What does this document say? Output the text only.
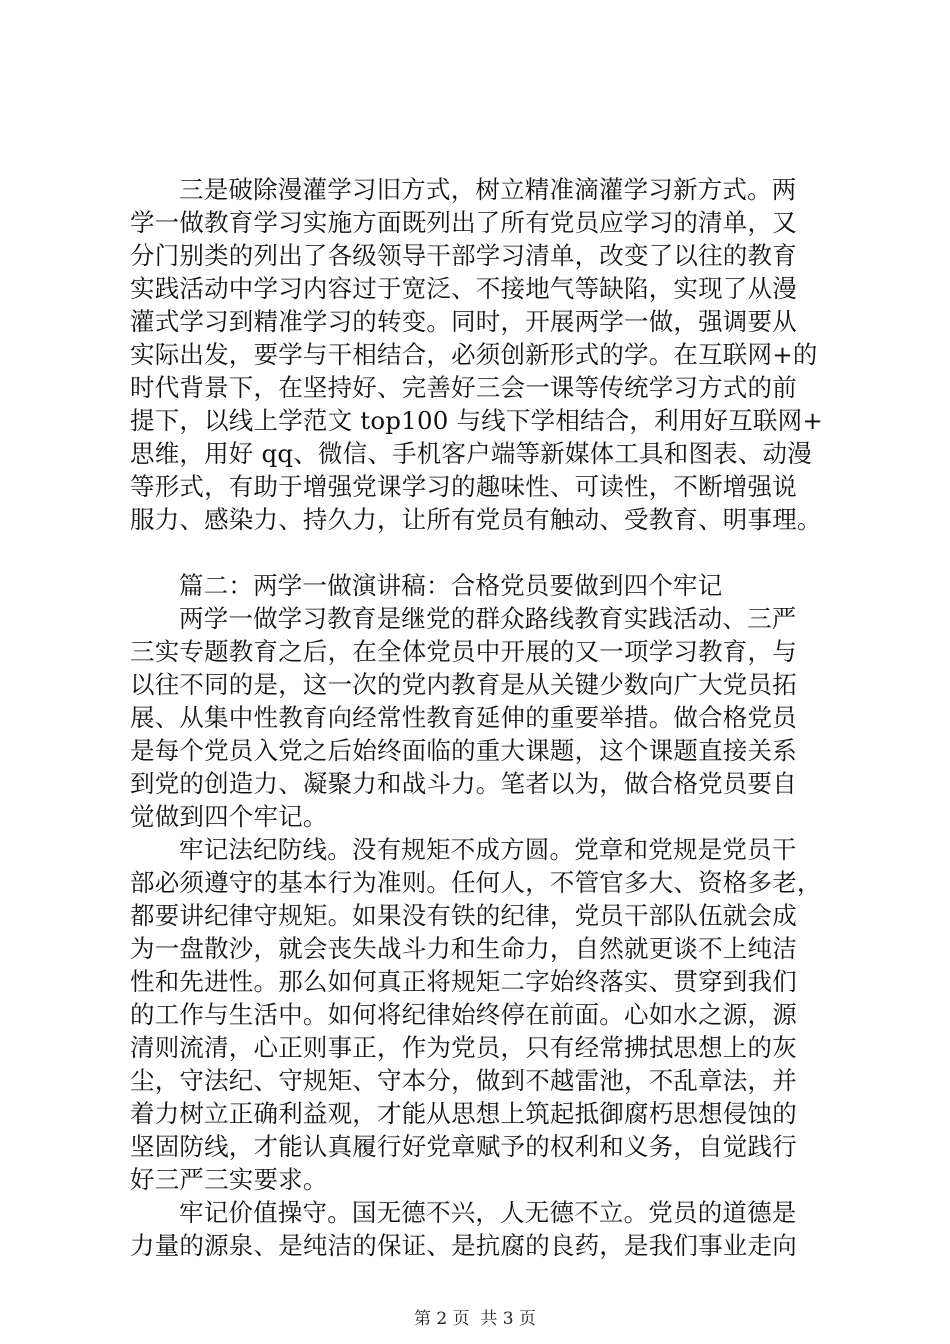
三是破除漫灌学习旧方式，树立精准滴灌学习新方式。两
学一做教育学习实施方面既列出了所有党员应学习的清单，又
分门别类的列出了各级领导干部学习清单，改变了以往的教育
实践活动中学习内容过于宽泛、不接地气等缺陷，实现了从漫
灌式学习到精准学习的转变。同时，开展两学一做，强调要从
实际出发，要学与干相结合，必须创新形式的学。在互联网+的
时代背景下，在坚持好、完善好三会一课等传统学习方式的前
提下，以线上学范文 top100 与线下学相结合，利用好互联网+
思维，用好 qq、微信、手机客户端等新媒体工具和图表、动漫
等形式，有助于增强党课学习的趣味性、可读性，不断增强说
服力、感染力、持久力，让所有党员有触动、受教育、明事理。
篇二：两学一做演讲稿：合格党员要做到四个牢记
两学一做学习教育是继党的群众路线教育实践活动、三严
三实专题教育之后，在全体党员中开展的又一项学习教育，与
以往不同的是，这一次的党内教育是从关键少数向广大党员拓
展、从集中性教育向经常性教育延伸的重要举措。做合格党员
是每个党员入党之后始终面临的重大课题，这个课题直接关系
到党的创造力、凝聚力和战斗力。笔者以为，做合格党员要自
觉做到四个牢记。
牢记法纪防线。没有规矩不成方圆。党章和党规是党员干
部必须遵守的基本行为准则。任何人，不管官多大、资格多老，
都要讲纪律守规矩。如果没有铁的纪律，党员干部队伍就会成
为一盘散沙，就会丧失战斗力和生命力，自然就更谈不上纯洁
性和先进性。那么如何真正将规矩二字始终落实、贯穿到我们
的工作与生活中。如何将纪律始终停在前面。心如水之源，源
清则流清，心正则事正，作为党员，只有经常拂拭思想上的灰
尘，守法纪、守规矩、守本分，做到不越雷池，不乱章法，并
着力树立正确利益观，才能从思想上筑起抵御腐朽思想侵蚀的
坚固防线，才能认真履行好党章赋予的权利和义务，自觉践行
好三严三实要求。
牢记价值操守。国无德不兴，人无德不立。党员的道德是
力量的源泉、是纯洁的保证、是抗腐的良药，是我们事业走向
第 2 页  共 3 页
